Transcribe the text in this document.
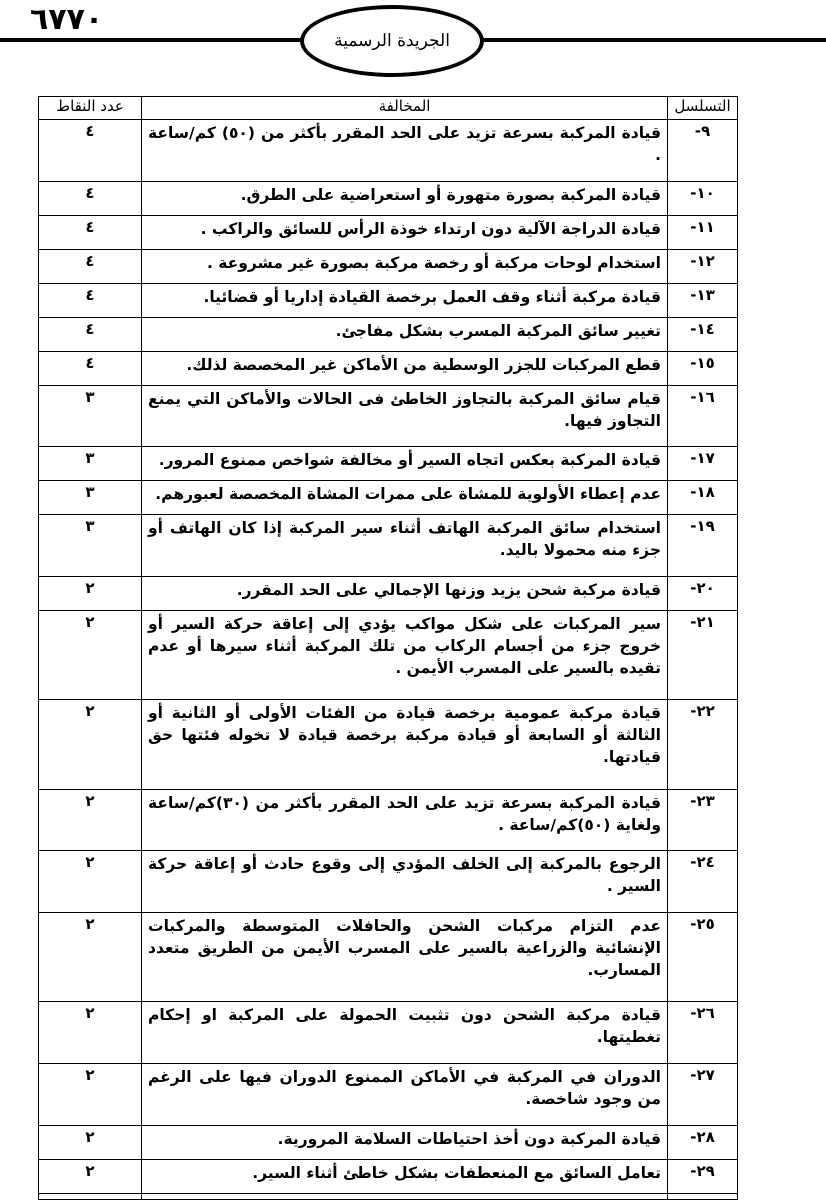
٦٧٧٠
الجريدة الرسمية
التسلسل	المخالفة	عدد النقاط
٩-	قيادة المركبة بسرعة تزيد على الحد المقرر بأكثر من (٥٠) كم/ساعة .	٤
١٠-	قيادة المركبة بصورة متهورة أو استعراضية على الطرق.	٤
١١-	قيادة الدراجة الآلية دون ارتداء خوذة الرأس للسائق والراكب .	٤
١٢-	استخدام لوحات مركبة أو رخصة مركبة بصورة غير مشروعة .	٤
١٣-	قيادة مركبة أثناء وقف العمل برخصة القيادة إداريا أو قضائيا.	٤
١٤-	تغيير سائق المركبة المسرب بشكل مفاجئ.	٤
١٥-	قطع المركبات للجزر الوسطية من الأماكن غير المخصصة لذلك.	٤
١٦-	قيام سائق المركبة بالتجاوز الخاطئ فى الحالات والأماكن التي يمنع التجاوز فيها.	٣
١٧-	قيادة المركبة بعكس اتجاه السير أو مخالفة شواخص ممنوع المرور.	٣
١٨-	عدم إعطاء الأولوية للمشاة على ممرات المشاة المخصصة لعبورهم.	٣
١٩-	استخدام سائق المركبة الهاتف أثناء سير المركبة إذا كان الهاتف أو جزء منه محمولا باليد.	٣
٢٠-	قيادة مركبة شحن يزيد وزنها الإجمالي على الحد المقرر.	٢
٢١-	سير المركبات على شكل مواكب يؤدي إلى إعاقة حركة السير أو خروج جزء من أجسام الركاب من تلك المركبة أثناء سيرها أو عدم تقيده بالسير على المسرب الأيمن .	٢
٢٢-	قيادة مركبة عمومية برخصة قيادة من الفئات الأولى أو الثانية أو الثالثة أو السابعة أو قيادة مركبة برخصة قيادة لا تخوله فئتها حق قيادتها.	٢
٢٣-	قيادة المركبة بسرعة تزيد على الحد المقرر بأكثر من (٣٠)كم/ساعة ولغاية (٥٠)كم/ساعة .	٢
٢٤-	الرجوع بالمركبة إلى الخلف المؤدي إلى وقوع حادث أو إعاقة حركة السير .	٢
٢٥-	عدم التزام مركبات الشحن والحافلات المتوسطة والمركبات الإنشائية والزراعية بالسير على المسرب الأيمن من الطريق متعدد المسارب.	٢
٢٦-	قيادة مركبة الشحن دون تثبيت الحمولة على المركبة او إحكام تغطيتها.	٢
٢٧-	الدوران في المركبة في الأماكن الممنوع الدوران فيها على الرغم من وجود شاخصة.	٢
٢٨-	قيادة المركبة دون أخذ احتياطات السلامة المرورية.	٢
٢٩-	تعامل السائق مع المنعطفات بشكل خاطئ أثناء السير.	٢
